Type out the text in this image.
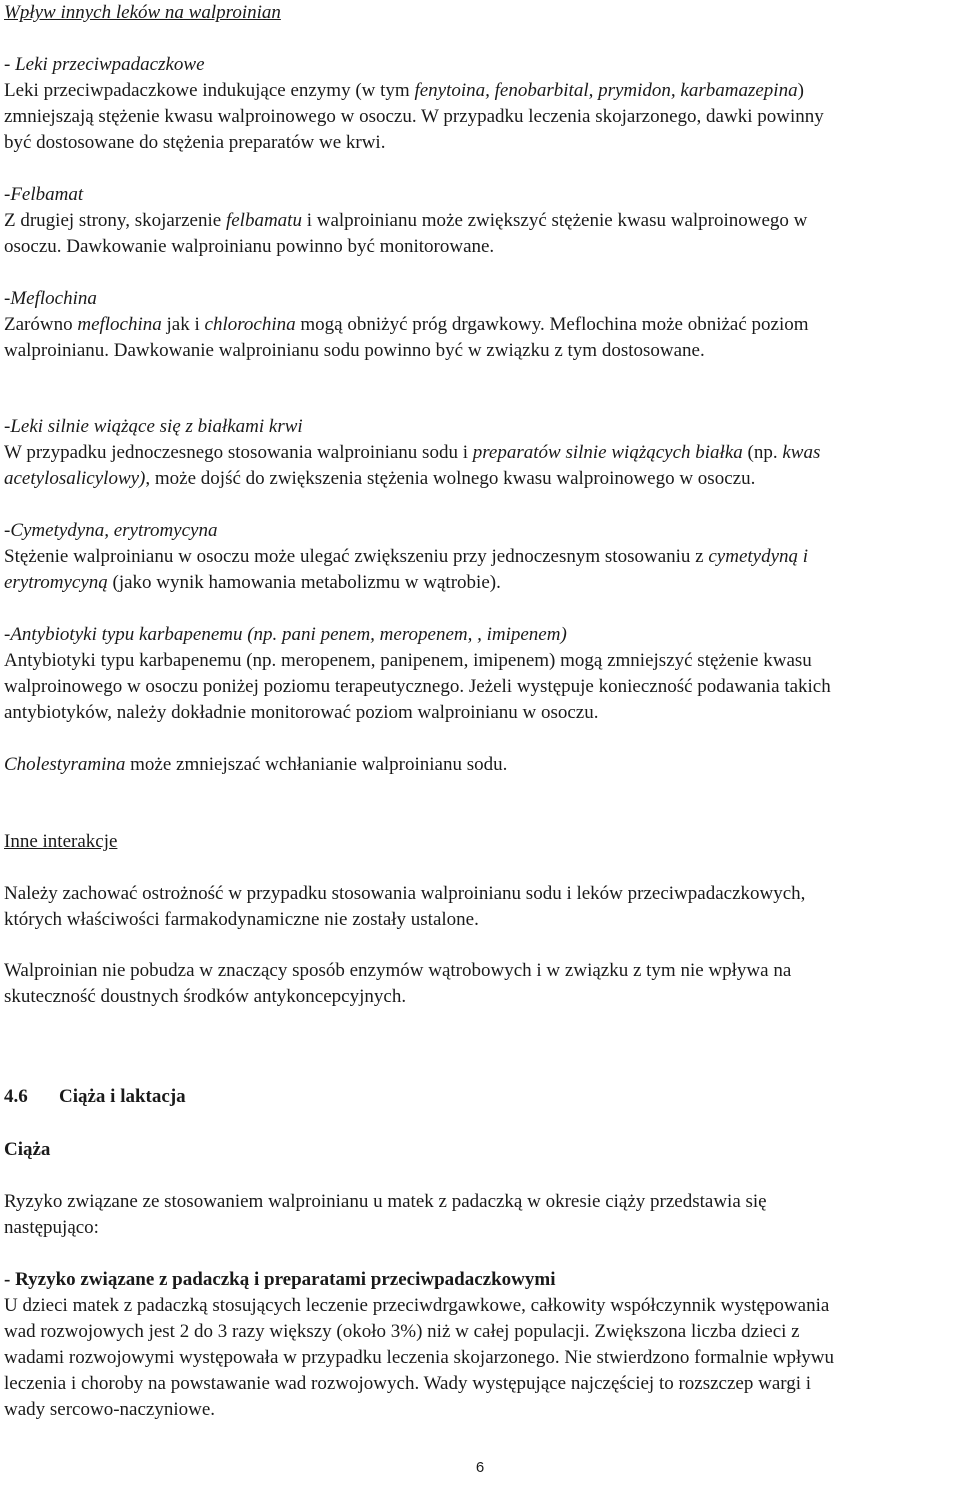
Wpływ innych leków na walproinian
- Leki przeciwpadaczkowe
Leki przeciwpadaczkowe indukujące enzymy (w tym fenytoina, fenobarbital, prymidon, karbamazepina)
zmniejszają stężenie kwasu walproinowego w osoczu. W przypadku leczenia skojarzonego, dawki powinny
być dostosowane do stężenia preparatów we krwi.
-Felbamat
Z drugiej strony, skojarzenie felbamatu i walproinianu może zwiększyć stężenie kwasu walproinowego w
osoczu. Dawkowanie walproinianu powinno być monitorowane.
-Meflochina
Zarówno meflochina jak i chlorochina mogą obniżyć próg drgawkowy. Meflochina może obniżać poziom
walproinianu. Dawkowanie walproinianu sodu powinno być w związku z tym dostosowane.
-Leki silnie wiążące się z białkami krwi
W przypadku jednoczesnego stosowania walproinianu sodu i preparatów silnie wiążących białka (np. kwas
acetylosalicylowy), może dojść do zwiększenia stężenia wolnego kwasu walproinowego w osoczu.
-Cymetydyna, erytromycyna
Stężenie walproinianu w osoczu może ulegać zwiększeniu przy jednoczesnym stosowaniu z cymetydyną i
erytromycyną (jako wynik hamowania metabolizmu w wątrobie).
-Antybiotyki typu karbapenemu (np. pani penem, meropenem, , imipenem)
Antybiotyki typu karbapenemu (np. meropenem, panipenem, imipenem) mogą zmniejszyć stężenie kwasu
walproinowego w osoczu poniżej poziomu terapeutycznego. Jeżeli występuje konieczność podawania takich
antybiotyków, należy dokładnie monitorować poziom walproinianu w osoczu.
Cholestyramina może zmniejszać wchłanianie walproinianu sodu.
Inne interakcje
Należy zachować ostrożność w przypadku stosowania walproinianu sodu i leków przeciwpadaczkowych,
których właściwości farmakodynamiczne nie zostały ustalone.
Walproinian nie pobudza w znaczący sposób enzymów wątrobowych i w związku z tym nie wpływa na
skuteczność doustnych środków antykoncepcyjnych.
4.6 Ciąża i laktacja
Ciąża
Ryzyko związane ze stosowaniem walproinianu u matek z padaczką w okresie ciąży przedstawia się
następująco:
- Ryzyko związane z padaczką i preparatami przeciwpadaczkowymi
U dzieci matek z padaczką stosujących leczenie przeciwdrgawkowe, całkowity współczynnik występowania
wad rozwojowych jest 2 do 3 razy większy (około 3%) niż w całej populacji. Zwiększona liczba dzieci z
wadami rozwojowymi występowała w przypadku leczenia skojarzonego. Nie stwierdzono formalnie wpływu
leczenia i choroby na powstawanie wad rozwojowych. Wady występujące najczęściej to rozszczep wargi i
wady sercowo-naczyniowe.
6
